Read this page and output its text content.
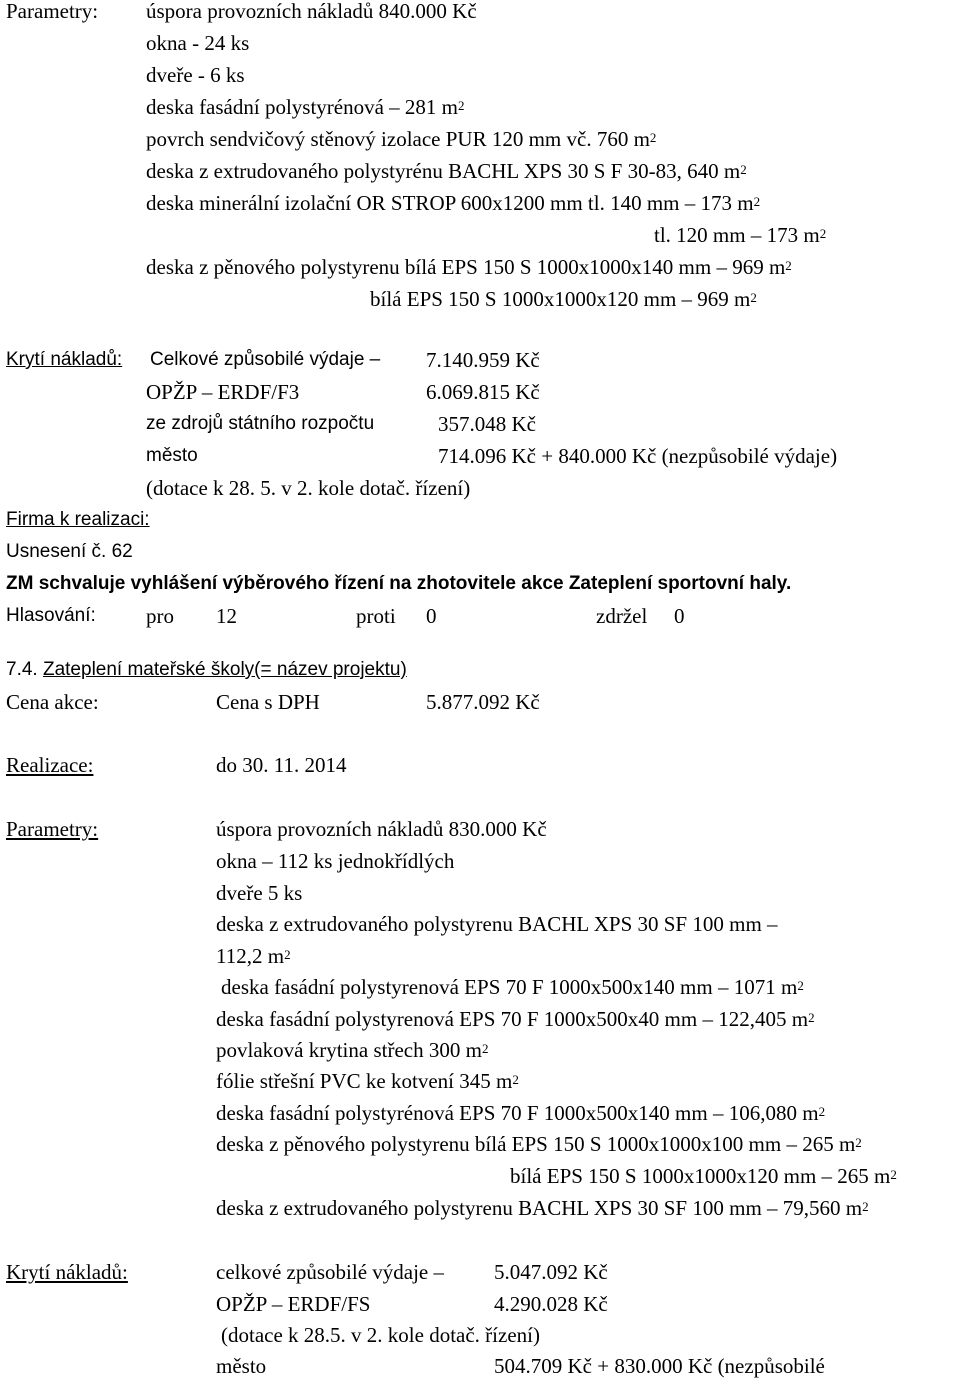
Parametry: úspora provozních nákladů 840.000 Kč
okna - 24 ks
dveře - 6 ks
deska fasádní polystyrénová – 281 $m^2$
povrch sendvičový stěnový izolace PUR 120 mm vč. 760 $m^2$
deska z extrudovaného polystyrénu BACHL XPS 30 S F 30-83, 640 $m^2$
deska minerální izolační OR STROP 600x1200 mm tl. 140 mm – 173 $m^2$
tl. 120 mm – 173 $m^2$
deska z pěnového polystyrenu bílá EPS 150 S 1000x1000x140 mm – 969 $m^2$
bílá EPS 150 S 1000x1000x120 mm – 969 $m^2$
Krytí nákladů: Celkové způsobilé výdaje – 7.140.959 Kč
OPŽP – ERDF/F3	6.069.815 Kč
ze zdrojů státního rozpočtu	357.048 Kč
město	714.096 Kč + 840.000 Kč (nezpůsobilé výdaje)
(dotace k 28. 5. v 2. kole dotač. řízení)
Firma k realizaci:
Usnesení č. 62
ZM schvaluje vyhlášení výběrového řízení na zhotovitele akce Zateplení sportovní haly.
Hlasování: pro 12	proti 0	zdržel 0
7.4. Zateplení mateřské školy(= název projektu)
Cena akce:	Cena s DPH	5.877.092 Kč
Realizace:	do 30. 11. 2014
Parametry:	úspora provozních nákladů 830.000 Kč
okna – 112 ks jednokřídlých
dveře 5 ks
deska z extrudovaného polystyrenu BACHL XPS 30 SF 100 mm –
112,2 $m^2$
deska fasádní polystyrenová EPS 70 F 1000x500x140 mm – 1071 $m^2$
deska fasádní polystyrenová EPS 70 F 1000x500x40 mm – 122,405 $m^2$
povlaková krytina střech 300 $m^2$
fólie střešní PVC ke kotvení 345 $m^2$
deska fasádní polystyrénová EPS 70 F 1000x500x140 mm – 106,080 $m^2$
deska z pěnového polystyrenu bílá EPS 150 S 1000x1000x100 mm – 265 $m^2$
bílá EPS 150 S 1000x1000x120 mm – 265 $m^2$
deska z extrudovaného polystyrenu BACHL XPS 30 SF 100 mm – 79,560 $m^2$
Krytí nákladů:	celkové způsobilé výdaje – 5.047.092 Kč
OPŽP – ERDF/FS	4.290.028 Kč
(dotace k 28.5. v 2. kole dotač. řízení)
město	504.709 Kč + 830.000 Kč (nezpůsobilé
